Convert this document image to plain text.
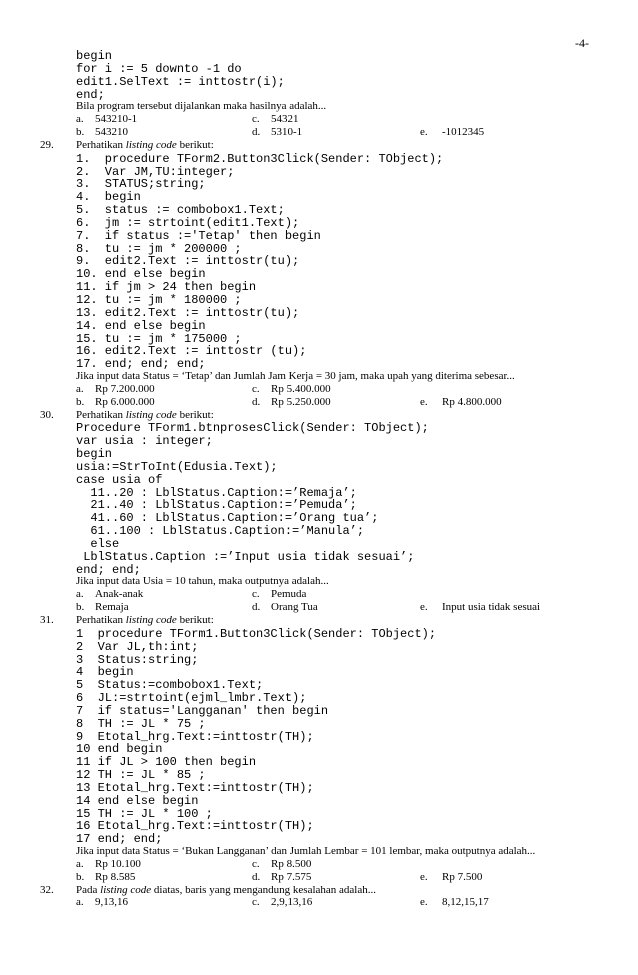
-4-
begin
for i := 5 downto -1 do
edit1.SelText := inttostr(i);
end;
Bila program tersebut dijalankan maka hasilnya adalah...
a. 543210-1	c. 54321
b. 543210	d. 5310-1	e. -1012345
29. Perhatikan listing code berikut:
1.  procedure TForm2.Button3Click(Sender: TObject);
2.  Var JM,TU:integer;
3.  STATUS;string;
4.  begin
5.  status := combobox1.Text;
6.  jm := strtoint(edit1.Text);
7.  if status :='Tetap' then begin
8.  tu := jm * 200000 ;
9.  edit2.Text := inttostr(tu);
10. end else begin
11. if jm > 24 then begin
12. tu := jm * 180000 ;
13. edit2.Text := inttostr(tu);
14. end else begin
15. tu := jm * 175000 ;
16. edit2.Text := inttostr (tu);
17. end; end; end;
Jika input data Status = ‘Tetap’ dan Jumlah Jam Kerja = 30 jam, maka upah yang diterima sebesar...
a. Rp 7.200.000	c. Rp 5.400.000
b. Rp 6.000.000	d. Rp 5.250.000	e. Rp 4.800.000
30. Perhatikan listing code berikut:
Procedure TForm1.btnprosesClick(Sender: TObject);
var usia : integer;
begin
usia:=StrToInt(Edusia.Text);
case usia of
11..20 : LblStatus.Caption:=’Remaja’;
21..40 : LblStatus.Caption:=’Pemuda’;
41..60 : LblStatus.Caption:=’Orang tua’;
61..100 : LblStatus.Caption:=’Manula’;
else
LblStatus.Caption :=’Input usia tidak sesuai’;
end; end;
Jika input data Usia = 10 tahun, maka outputnya adalah...
a. Anak-anak	c. Pemuda
b. Remaja	d. Orang Tua	e. Input usia tidak sesuai
31. Perhatikan listing code berikut:
1  procedure TForm1.Button3Click(Sender: TObject);
2  Var JL,th:int;
3  Status:string;
4  begin
5  Status:=combobox1.Text;
6  JL:=strtoint(ejml_lmbr.Text);
7  if status='Langganan' then begin
8  TH := JL * 75 ;
9  Etotal_hrg.Text:=inttostr(TH);
10 end begin
11 if JL > 100 then begin
12 TH := JL * 85 ;
13 Etotal_hrg.Text:=inttostr(TH);
14 end else begin
15 TH := JL * 100 ;
16 Etotal_hrg.Text:=inttostr(TH);
17 end; end;
Jika input data Status = ‘Bukan Langganan’ dan Jumlah Lembar = 101 lembar, maka outputnya adalah...
a. Rp 10.100	c. Rp 8.500
b. Rp 8.585	d. Rp 7.575	e. Rp 7.500
32. Pada listing code diatas, baris yang mengandung kesalahan adalah...
a. 9,13,16	c. 2,9,13,16	e. 8,12,15,17
